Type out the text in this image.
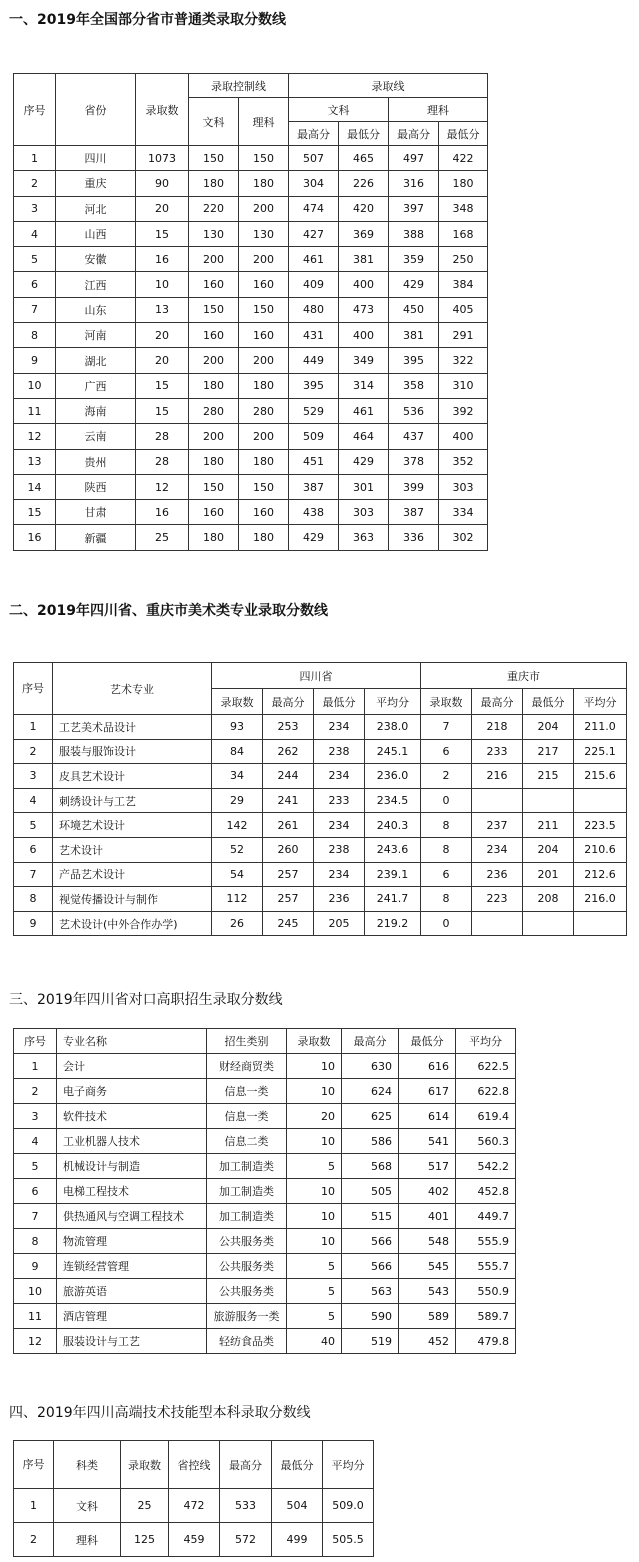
一、2019年全国部分省市普通类录取分数线
序号	省份	录取数	录取控制线		录取线			
			文科	理科	文科		理科	
					最高分	最低分	最高分	最低分
1	四川	1073	150	150	507	465	497	422
2	重庆	90	180	180	304	226	316	180
3	河北	20	220	200	474	420	397	348
4	山西	15	130	130	427	369	388	168
5	安徽	16	200	200	461	381	359	250
6	江西	10	160	160	409	400	429	384
7	山东	13	150	150	480	473	450	405
8	河南	20	160	160	431	400	381	291
9	湖北	20	200	200	449	349	395	322
10	广西	15	180	180	395	314	358	310
11	海南	15	280	280	529	461	536	392
12	云南	28	200	200	509	464	437	400
13	贵州	28	180	180	451	429	378	352
14	陕西	12	150	150	387	301	399	303
15	甘肃	16	160	160	438	303	387	334
16	新疆	25	180	180	429	363	336	302
二、2019年四川省、重庆市美术类专业录取分数线
序号	艺术专业	四川省				重庆市			
		录取数	最高分	最低分	平均分	录取数	最高分	最低分	平均分
1	工艺美术品设计	93	253	234	238.0	7	218	204	211.0
2	服装与服饰设计	84	262	238	245.1	6	233	217	225.1
3	皮具艺术设计	34	244	234	236.0	2	216	215	215.6
4	刺绣设计与工艺	29	241	233	234.5	0			
5	环境艺术设计	142	261	234	240.3	8	237	211	223.5
6	艺术设计	52	260	238	243.6	8	234	204	210.6
7	产品艺术设计	54	257	234	239.1	6	236	201	212.6
8	视觉传播设计与制作	112	257	236	241.7	8	223	208	216.0
9	艺术设计(中外合作办学)	26	245	205	219.2	0			
三、2019年四川省对口高职招生录取分数线
序号	专业名称	招生类别	录取数	最高分	最低分	平均分
1	会计	财经商贸类	10	630	616	622.5
2	电子商务	信息一类	10	624	617	622.8
3	软件技术	信息一类	20	625	614	619.4
4	工业机器人技术	信息二类	10	586	541	560.3
5	机械设计与制造	加工制造类	5	568	517	542.2
6	电梯工程技术	加工制造类	10	505	402	452.8
7	供热通风与空调工程技术	加工制造类	10	515	401	449.7
8	物流管理	公共服务类	10	566	548	555.9
9	连锁经营管理	公共服务类	5	566	545	555.7
10	旅游英语	公共服务类	5	563	543	550.9
11	酒店管理	旅游服务一类	5	590	589	589.7
12	服装设计与工艺	轻纺食品类	40	519	452	479.8
四、2019年四川高端技术技能型本科录取分数线
序号	科类	录取数	省控线	最高分	最低分	平均分
1	文科	25	472	533	504	509.0
2	理科	125	459	572	499	505.5
